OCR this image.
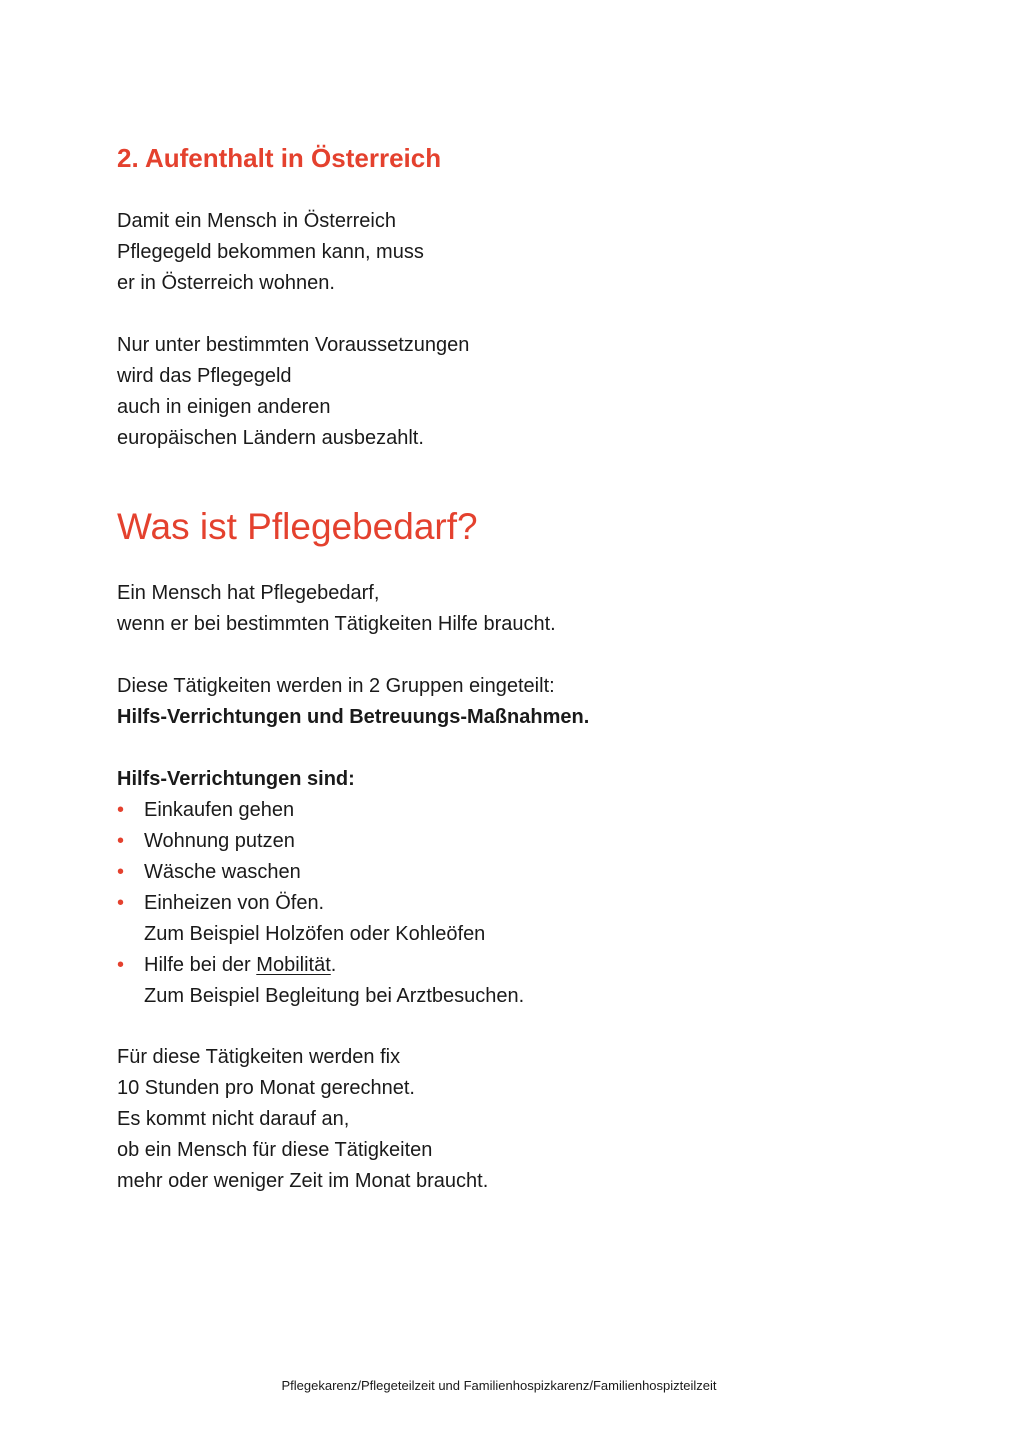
2. Aufenthalt in Österreich

Damit ein Mensch in Österreich
Pflegegeld bekommen kann, muss
er in Österreich wohnen.

Nur unter bestimmten Voraussetzungen
wird das Pflegegeld
auch in einigen anderen
europäischen Ländern ausbezahlt.

Was ist Pflegebedarf?

Ein Mensch hat Pflegebedarf,
wenn er bei bestimmten Tätigkeiten Hilfe braucht.

Diese Tätigkeiten werden in 2 Gruppen eingeteilt:
Hilfs-Verrichtungen und Betreuungs-Maßnahmen.

Hilfs-Verrichtungen sind:
• Einkaufen gehen
• Wohnung putzen
• Wäsche waschen
• Einheizen von Öfen.
Zum Beispiel Holzöfen oder Kohleöfen
• Hilfe bei der Mobilität.
Zum Beispiel Begleitung bei Arztbesuchen.

Für diese Tätigkeiten werden fix
10 Stunden pro Monat gerechnet.
Es kommt nicht darauf an,
ob ein Mensch für diese Tätigkeiten
mehr oder weniger Zeit im Monat braucht.

Pflegekarenz/Pflegeteilzeit und Familienhospizkarenz/Familienhospizteilzeit
